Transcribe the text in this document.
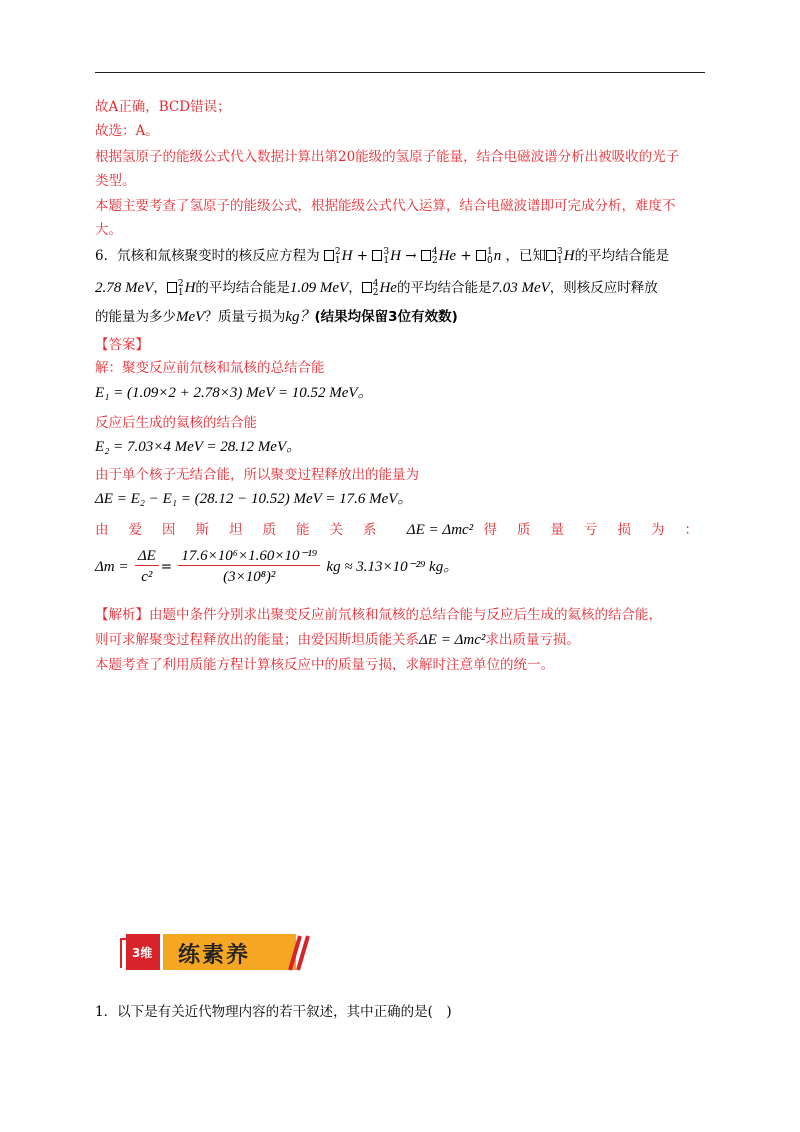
故A正确，BCD错误；
故选：A。
根据氢原子的能级公式代入数据计算出第20能级的氢原子能量，结合电磁波谱分析出被吸收的光子
类型。
本题主要考查了氢原子的能级公式，根据能级公式代入运算，结合电磁波谱即可完成分析，难度不
大。
6．氘核和氚核聚变时的核反应方程为 2
1 H + 3
1 H → 4
2 He + 1
0 n ，已知 3
1 H的平均结合能是
2.78 MeV， 2
1 H的平均结合能是1.09 MeV， 4
2 He的平均结合能是7.03 MeV，则核反应时释放
的能量为多少MeV？质量亏损为kg？(结果均保留3位有效数)
【答案】
解：聚变反应前氘核和氚核的总结合能
E₁ = (1.09×2 + 2.78×3) MeV = 10.52 MeV。
反应后生成的氦核的结合能
E₂ = 7.03×4 MeV = 28.12 MeV。
由于单个核子无结合能，所以聚变过程释放出的能量为
ΔE = E₂ − E₁ = (28.12 − 10.52) MeV = 17.6 MeV。
由爱因斯坦质能关系 ΔE = Δmc² 得质量亏损为：
$\Delta m = \frac{\Delta E}{\text{c²}} = \frac{\text{17.6×10⁶×1.60×10⁻¹⁹}}{\text{(3×10⁸)²}}$ kg ≈ 3.13×10⁻²⁹ kg。
【解析】由题中条件分别求出聚变反应前氘核和氚核的总结合能与反应后生成的氦核的结合能，
则可求解聚变过程释放出的能量；由爱因斯坦质能关系ΔE = Δmc²求出质量亏损。
本题考查了利用质能方程计算核反应中的质量亏损，求解时注意单位的统一。
3维 练素养
1．以下是有关近代物理内容的若干叙述，其中正确的是(　)
